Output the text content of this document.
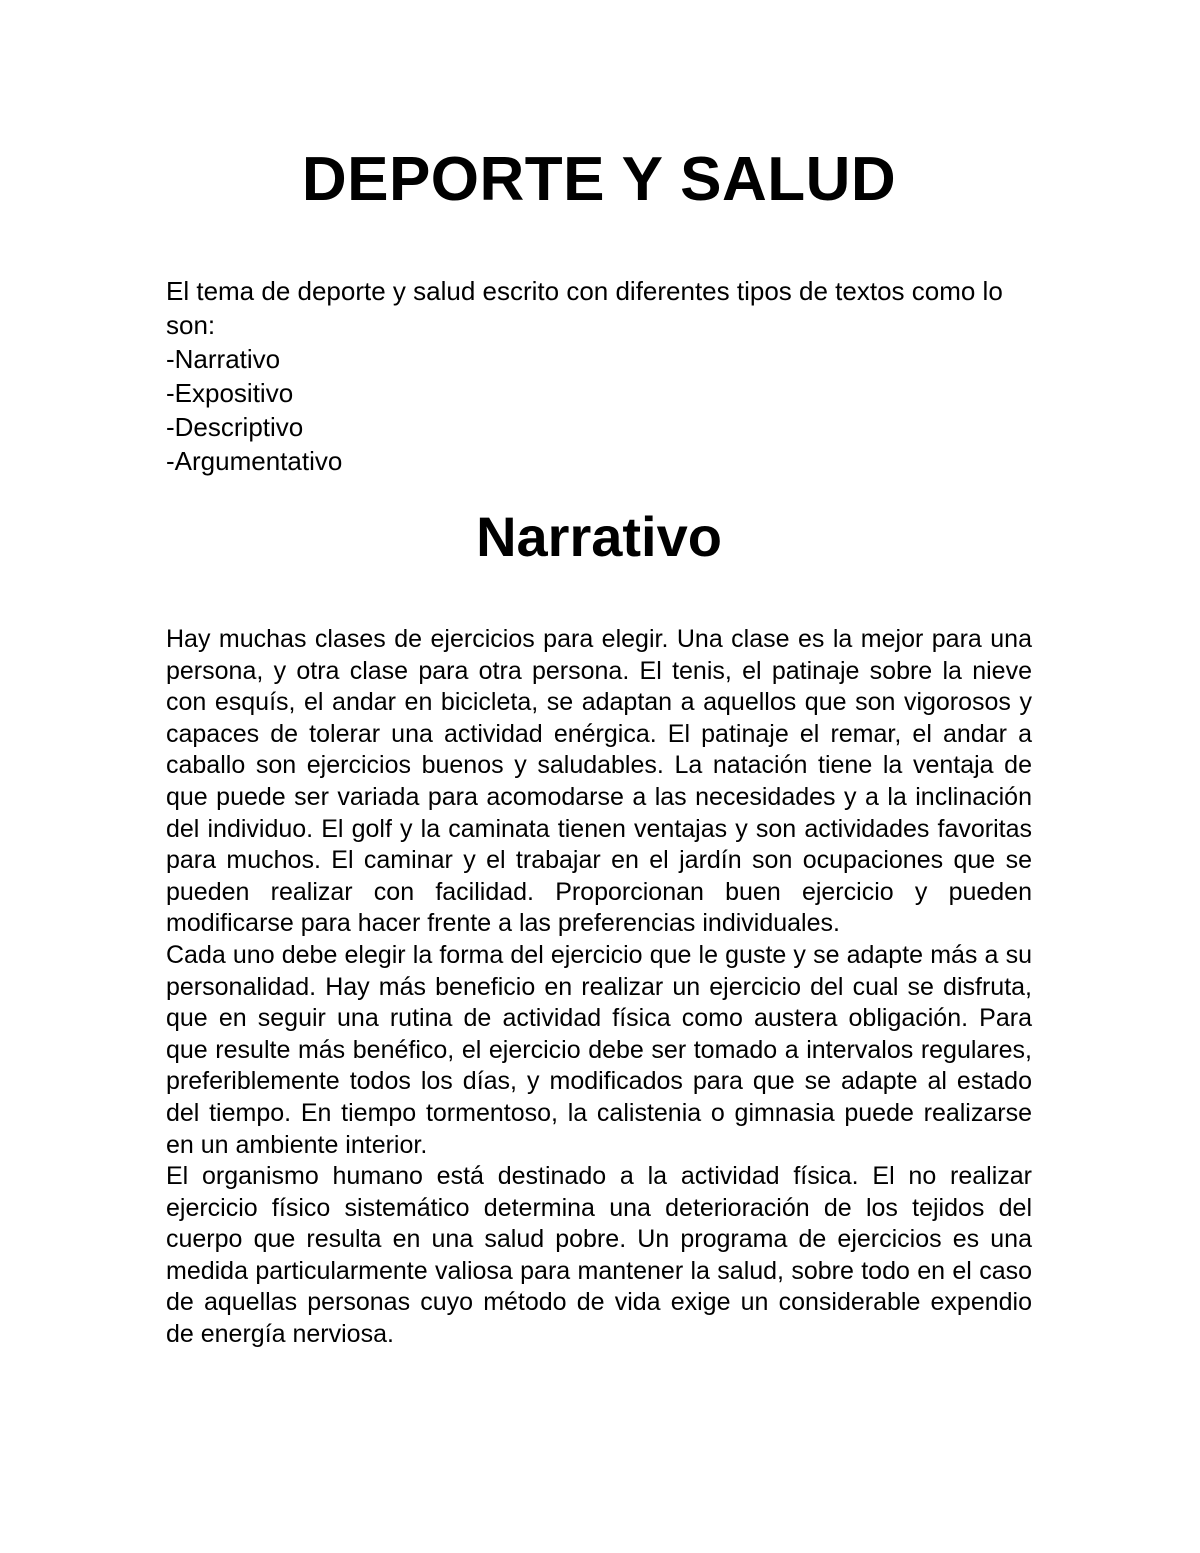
DEPORTE Y SALUD

El tema de deporte y salud escrito con diferentes tipos de textos como lo son:

-Narrativo
-Expositivo
-Descriptivo
-Argumentativo
Narrativo

Hay muchas clases de ejercicios para elegir. Una clase es la mejor para una persona, y otra clase para otra persona. El tenis, el patinaje sobre la nieve con esquís, el andar en bicicleta, se adaptan a aquellos que son vigorosos y capaces de tolerar una actividad enérgica. El patinaje el remar, el andar a caballo son ejercicios buenos y saludables. La natación tiene la ventaja de que puede ser variada para acomodarse a las necesidades y a la inclinación del individuo. El golf y la caminata tienen ventajas y son actividades favoritas para muchos. El caminar y el trabajar en el jardín son ocupaciones que se pueden realizar con facilidad. Proporcionan buen ejercicio y pueden modificarse para hacer frente a las preferencias individuales.

Cada uno debe elegir la forma del ejercicio que le guste y se adapte más a su personalidad. Hay más beneficio en realizar un ejercicio del cual se disfruta, que en seguir una rutina de actividad física como austera obligación. Para que resulte más benéfico, el ejercicio debe ser tomado a intervalos regulares, preferiblemente todos los días, y modificados para que se adapte al estado del tiempo. En tiempo tormentoso, la calistenia o gimnasia puede realizarse en un ambiente interior.

El organismo humano está destinado a la actividad física. El no realizar ejercicio físico sistemático determina una deterioración de los tejidos del cuerpo que resulta en una salud pobre. Un programa de ejercicios es una medida particularmente valiosa para mantener la salud, sobre todo en el caso de aquellas personas cuyo método de vida exige un considerable expendio de energía nerviosa.
